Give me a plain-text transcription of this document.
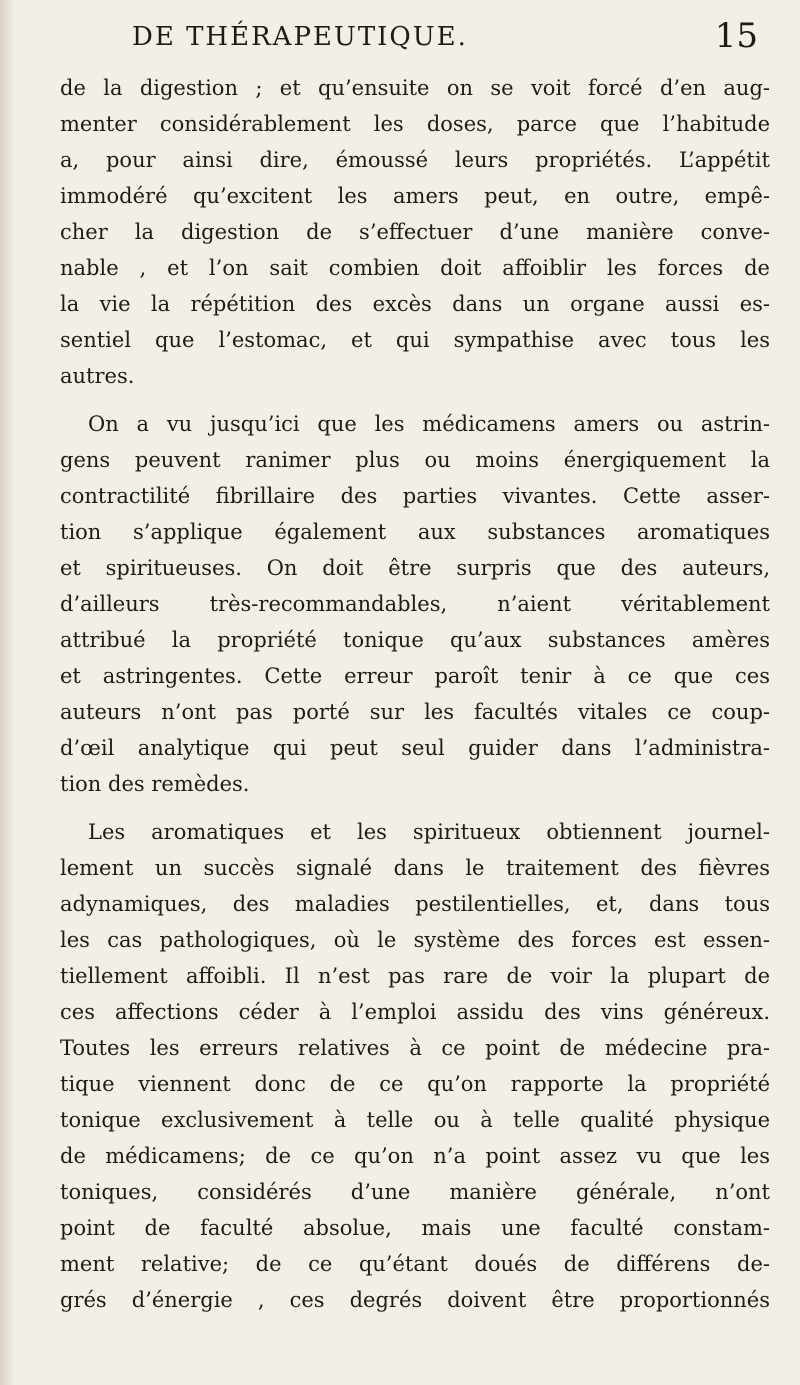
DE THÉRAPEUTIQUE.	15
de la digestion ; et qu’ensuite on se voit forcé d’en aug-
menter considérablement les doses, parce que l’habitude
a, pour ainsi dire, émoussé leurs propriétés. L’appétit
immodéré qu’excitent les amers peut, en outre, empê-
cher la digestion de s’effectuer d’une manière conve-
nable , et l’on sait combien doit affoiblir les forces de
la vie la répétition des excès dans un organe aussi es-
sentiel que l’estomac, et qui sympathise avec tous les
autres.
On a vu jusqu’ici que les médicamens amers ou astrin-
gens peuvent ranimer plus ou moins énergiquement la
contractilité fibrillaire des parties vivantes. Cette asser-
tion s’applique également aux substances aromatiques
et spiritueuses. On doit être surpris que des auteurs,
d’ailleurs très-recommandables, n’aient véritablement
attribué la propriété tonique qu’aux substances amères
et astringentes. Cette erreur paroît tenir à ce que ces
auteurs n’ont pas porté sur les facultés vitales ce coup-
d’œil analytique qui peut seul guider dans l’administra-
tion des remèdes.
Les aromatiques et les spiritueux obtiennent journel-
lement un succès signalé dans le traitement des fièvres
adynamiques, des maladies pestilentielles, et, dans tous
les cas pathologiques, où le système des forces est essen-
tiellement affoibli. Il n’est pas rare de voir la plupart de
ces affections céder à l’emploi assidu des vins généreux.
Toutes les erreurs relatives à ce point de médecine pra-
tique viennent donc de ce qu’on rapporte la propriété
tonique exclusivement à telle ou à telle qualité physique
de médicamens; de ce qu’on n’a point assez vu que les
toniques, considérés d’une manière générale, n’ont
point de faculté absolue, mais une faculté constam-
ment relative; de ce qu’étant doués de différens de-
grés d’énergie , ces degrés doivent être proportionnés
